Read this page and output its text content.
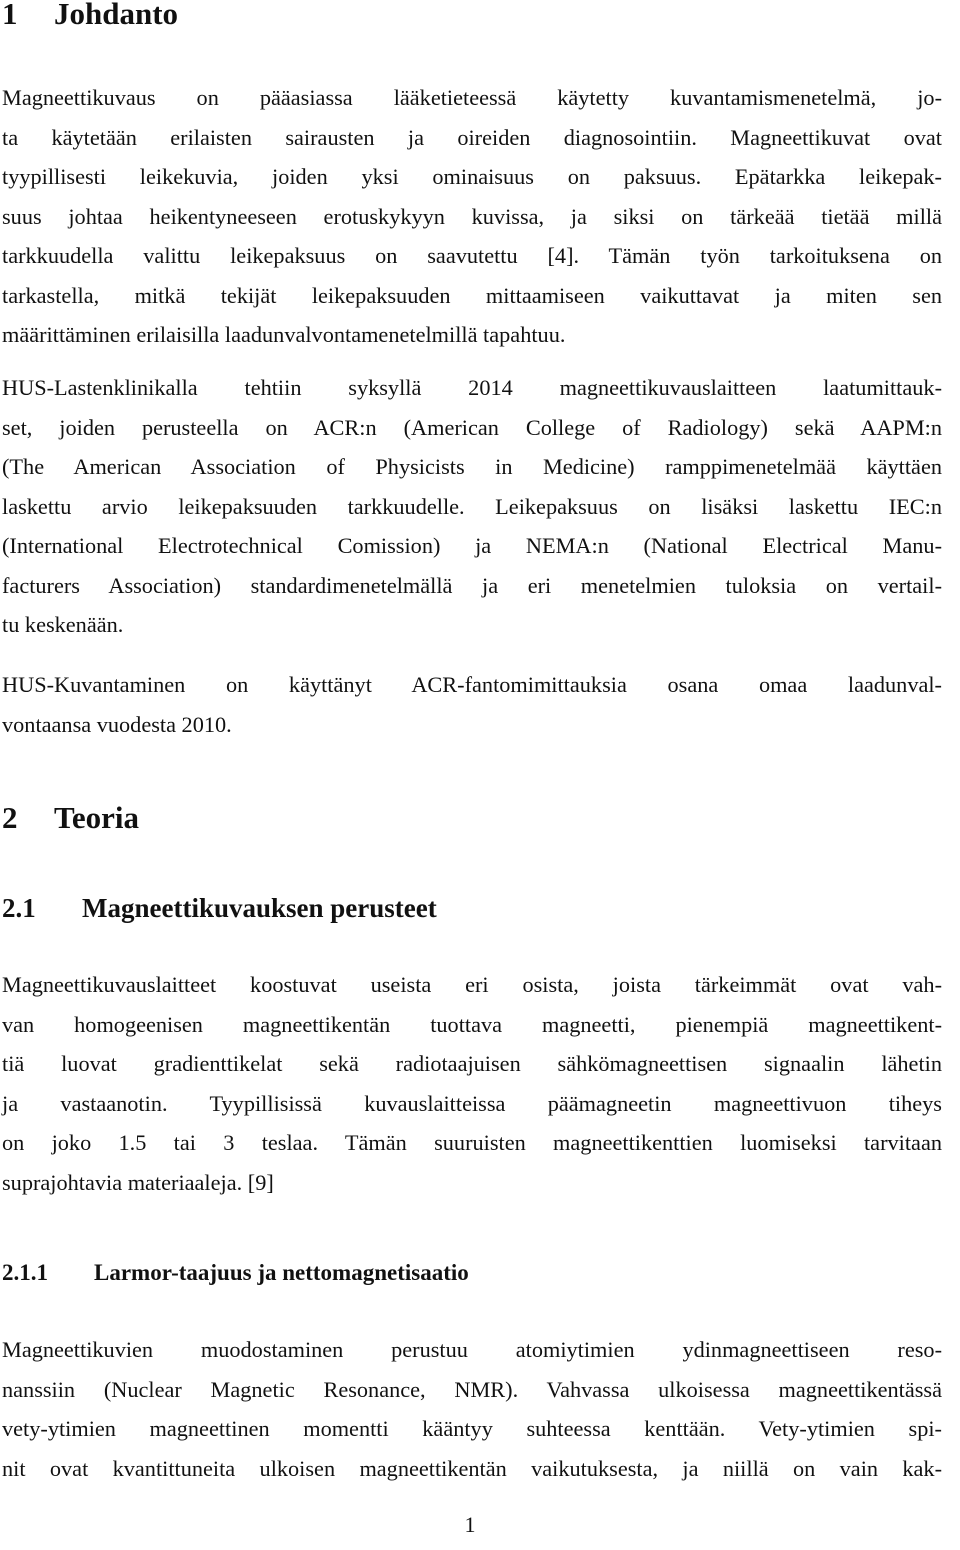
1 Johdanto
Magneettikuvaus on pääasiassa lääketieteessä käytetty kuvantamismenetelmä, jo-
ta käytetään erilaisten sairausten ja oireiden diagnosointiin. Magneettikuvat ovat
tyypillisesti leikekuvia, joiden yksi ominaisuus on paksuus. Epätarkka leikepak-
suus johtaa heikentyneeseen erotuskykyyn kuvissa, ja siksi on tärkeää tietää millä
tarkkuudella valittu leikepaksuus on saavutettu [4]. Tämän työn tarkoituksena on
tarkastella, mitkä tekijät leikepaksuuden mittaamiseen vaikuttavat ja miten sen
määrittäminen erilaisilla laadunvalvontamenetelmillä tapahtuu.
HUS-Lastenklinikalla tehtiin syksyllä 2014 magneettikuvauslaitteen laatumittauk-
set, joiden perusteella on ACR:n (American College of Radiology) sekä AAPM:n
(The American Association of Physicists in Medicine) ramppimenetelmää käyttäen
laskettu arvio leikepaksuuden tarkkuudelle. Leikepaksuus on lisäksi laskettu IEC:n
(International Electrotechnical Comission) ja NEMA:n (National Electrical Manu-
facturers Association) standardimenetelmällä ja eri menetelmien tuloksia on vertail-
tu keskenään.
HUS-Kuvantaminen on käyttänyt ACR-fantomimittauksia osana omaa laadunval-
vontaansa vuodesta 2010.
2 Teoria
2.1 Magneettikuvauksen perusteet
Magneettikuvauslaitteet koostuvat useista eri osista, joista tärkeimmät ovat vah-
van homogeenisen magneettikentän tuottava magneetti, pienempiä magneettikent-
tiä luovat gradienttikelat sekä radiotaajuisen sähkömagneettisen signaalin lähetin
ja vastaanotin. Tyypillisissä kuvauslaitteissa päämagneetin magneettivuon tiheys
on joko 1.5 tai 3 teslaa. Tämän suuruisten magneettikenttien luomiseksi tarvitaan
suprajohtavia materiaaleja. [9]
2.1.1 Larmor-taajuus ja nettomagnetisaatio
Magneettikuvien muodostaminen perustuu atomiytimien ydinmagneettiseen reso-
nanssiin (Nuclear Magnetic Resonance, NMR). Vahvassa ulkoisessa magneettikentässä
vety-ytimien magneettinen momentti kääntyy suhteessa kenttään. Vety-ytimien spi-
nit ovat kvantittuneita ulkoisen magneettikentän vaikutuksesta, ja niillä on vain kak-
1
